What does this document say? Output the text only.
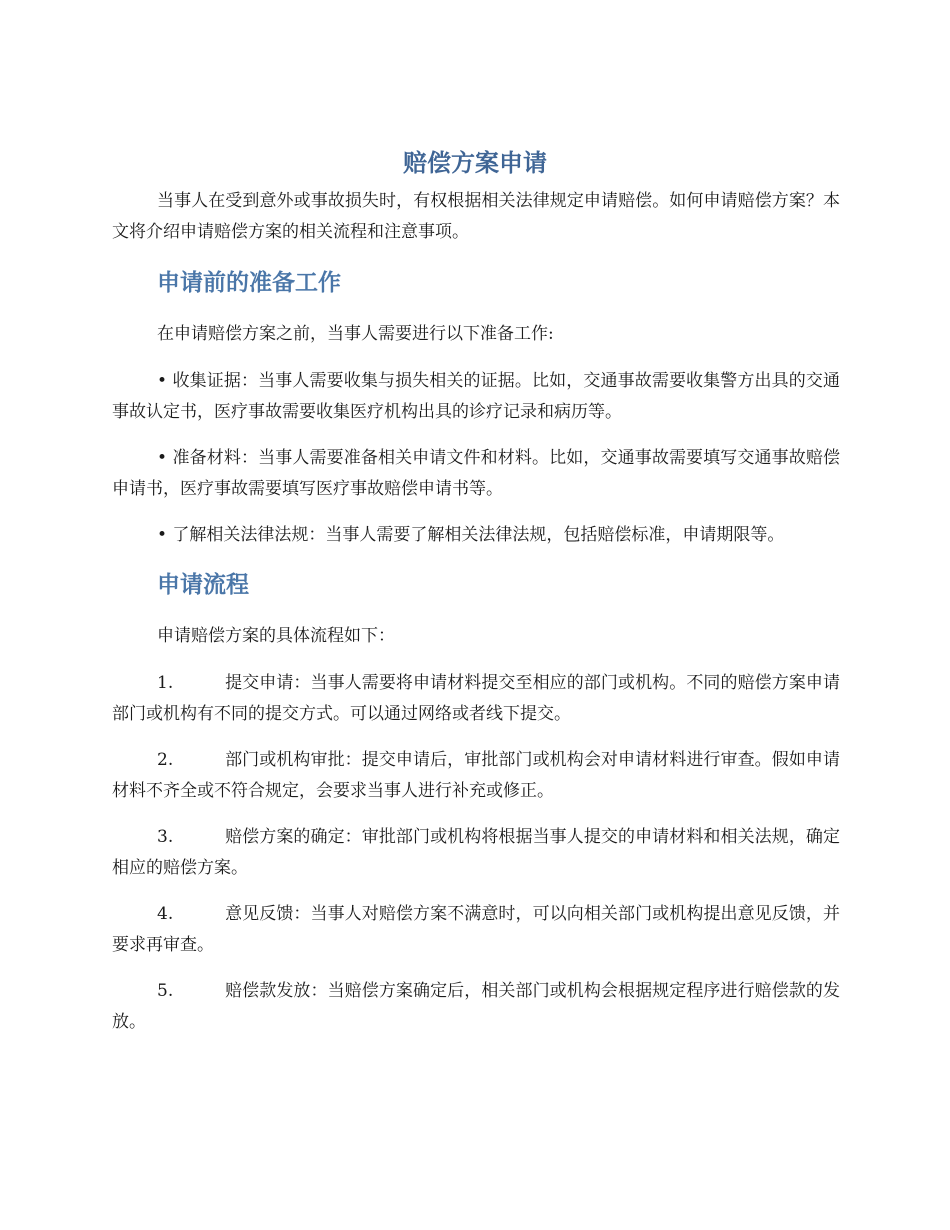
赔偿方案申请

当事人在受到意外或事故损失时，有权根据相关法律规定申请赔偿。如何申请赔偿方案？本文将介绍申请赔偿方案的相关流程和注意事项。

申请前的准备工作

在申请赔偿方案之前，当事人需要进行以下准备工作:

• 收集证据：当事人需要收集与损失相关的证据。比如，交通事故需要收集警方出具的交通事故认定书，医疗事故需要收集医疗机构出具的诊疗记录和病历等。

• 准备材料：当事人需要准备相关申请文件和材料。比如，交通事故需要填写交通事故赔偿申请书，医疗事故需要填写医疗事故赔偿申请书等。

• 了解相关法律法规：当事人需要了解相关法律法规，包括赔偿标准，申请期限等。

申请流程

申请赔偿方案的具体流程如下：

1.	提交申请：当事人需要将申请材料提交至相应的部门或机构。不同的赔偿方案申请部门或机构有不同的提交方式。可以通过网络或者线下提交。

2.	部门或机构审批：提交申请后，审批部门或机构会对申请材料进行审查。假如申请材料不齐全或不符合规定，会要求当事人进行补充或修正。

3.	赔偿方案的确定：审批部门或机构将根据当事人提交的申请材料和相关法规，确定相应的赔偿方案。

4.	意见反馈：当事人对赔偿方案不满意时，可以向相关部门或机构提出意见反馈，并要求再审查。

5.	赔偿款发放：当赔偿方案确定后，相关部门或机构会根据规定程序进行赔偿款的发放。
